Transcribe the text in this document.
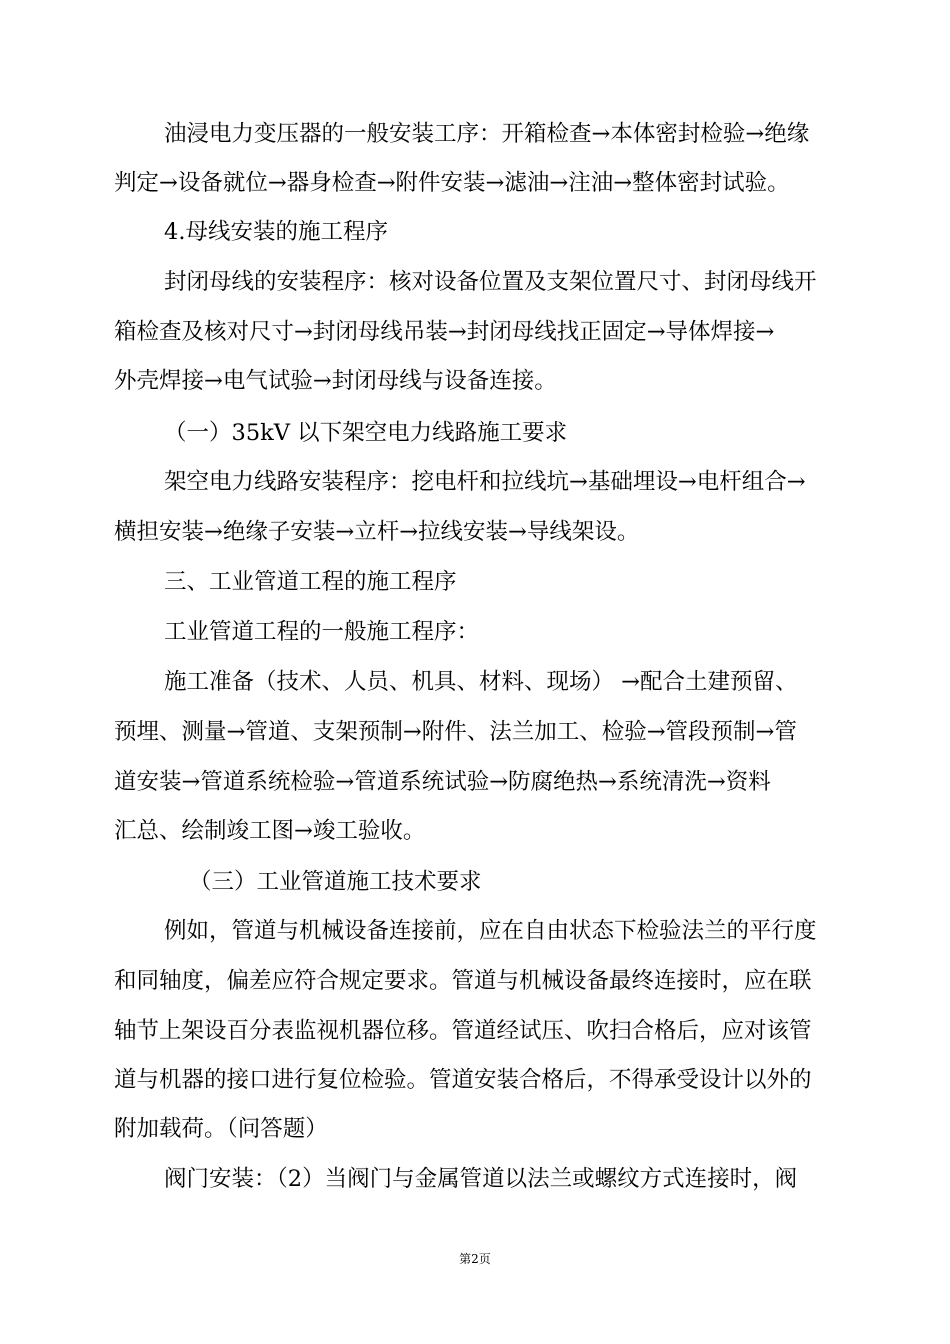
油浸电力变压器的一般安装工序：开箱检查→本体密封检验→绝缘
判定→设备就位→器身检查→附件安装→滤油→注油→整体密封试验。
4.母线安装的施工程序
封闭母线的安装程序：核对设备位置及支架位置尺寸、封闭母线开
箱检查及核对尺寸→封闭母线吊装→封闭母线找正固定→导体焊接→
外壳焊接→电气试验→封闭母线与设备连接。
（一）35kV 以下架空电力线路施工要求
架空电力线路安装程序：挖电杆和拉线坑→基础埋设→电杆组合→
横担安装→绝缘子安装→立杆→拉线安装→导线架设。
三、工业管道工程的施工程序
工业管道工程的一般施工程序：
施工准备（技术、人员、机具、材料、现场） →配合土建预留、
预埋、测量→管道、支架预制→附件、法兰加工、检验→管段预制→管
道安装→管道系统检验→管道系统试验→防腐绝热→系统清洗→资料
汇总、绘制竣工图→竣工验收。
（三）工业管道施工技术要求
例如，管道与机械设备连接前，应在自由状态下检验法兰的平行度
和同轴度，偏差应符合规定要求。管道与机械设备最终连接时，应在联
轴节上架设百分表监视机器位移。管道经试压、吹扫合格后，应对该管
道与机器的接口进行复位检验。管道安装合格后，不得承受设计以外的
附加载荷。（问答题）
阀门安装：（2）当阀门与金属管道以法兰或螺纹方式连接时，阀
第2页
